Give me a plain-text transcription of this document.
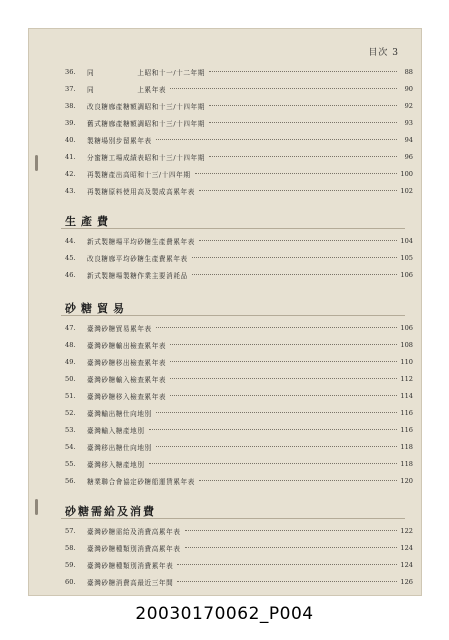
目次 3
36.	同　　　　　　上昭和十一/十二年期	88
37.	同　　　　　　上累年表	90
38.	改良糖廍產糖額調昭和十三/十四年期	92
39.	舊式糖廍產糖額調昭和十三/十四年期	93
40.	製糖場別步留累年表	94
41.	分蜜糖工場成績表昭和十三/十四年期	96
42.	再製糖產出高昭和十三/十四年期	100
43.	再製糖原料使用高及製成高累年表	102
生產費
44.	新式製糖場平均砂糖生產費累年表	104
45.	改良糖廍平均砂糖生產費累年表	105
46.	新式製糖場製糖作業主要消耗品	106
砂糖貿易
47.	臺灣砂糖貿易累年表	106
48.	臺灣砂糖輸出檢查累年表	108
49.	臺灣砂糖移出檢查累年表	110
50.	臺灣砂糖輸入檢查累年表	112
51.	臺灣砂糖移入檢查累年表	114
52.	臺灣輸出糖仕向地別	116
53.	臺灣輸入糖產地別	116
54.	臺灣移出糖仕向地別	118
55.	臺灣移入糖產地別	118
56.	糖業聯合會協定砂糖船運賃累年表	120
砂糖需給及消費
57.	臺灣砂糖需給及消費高累年表	122
58.	臺灣砂糖種類別消費高累年表	124
59.	臺灣砂糖種類別消費累年表	124
60.	臺灣砂糖消費高最近三年間	126
20030170062_P004
